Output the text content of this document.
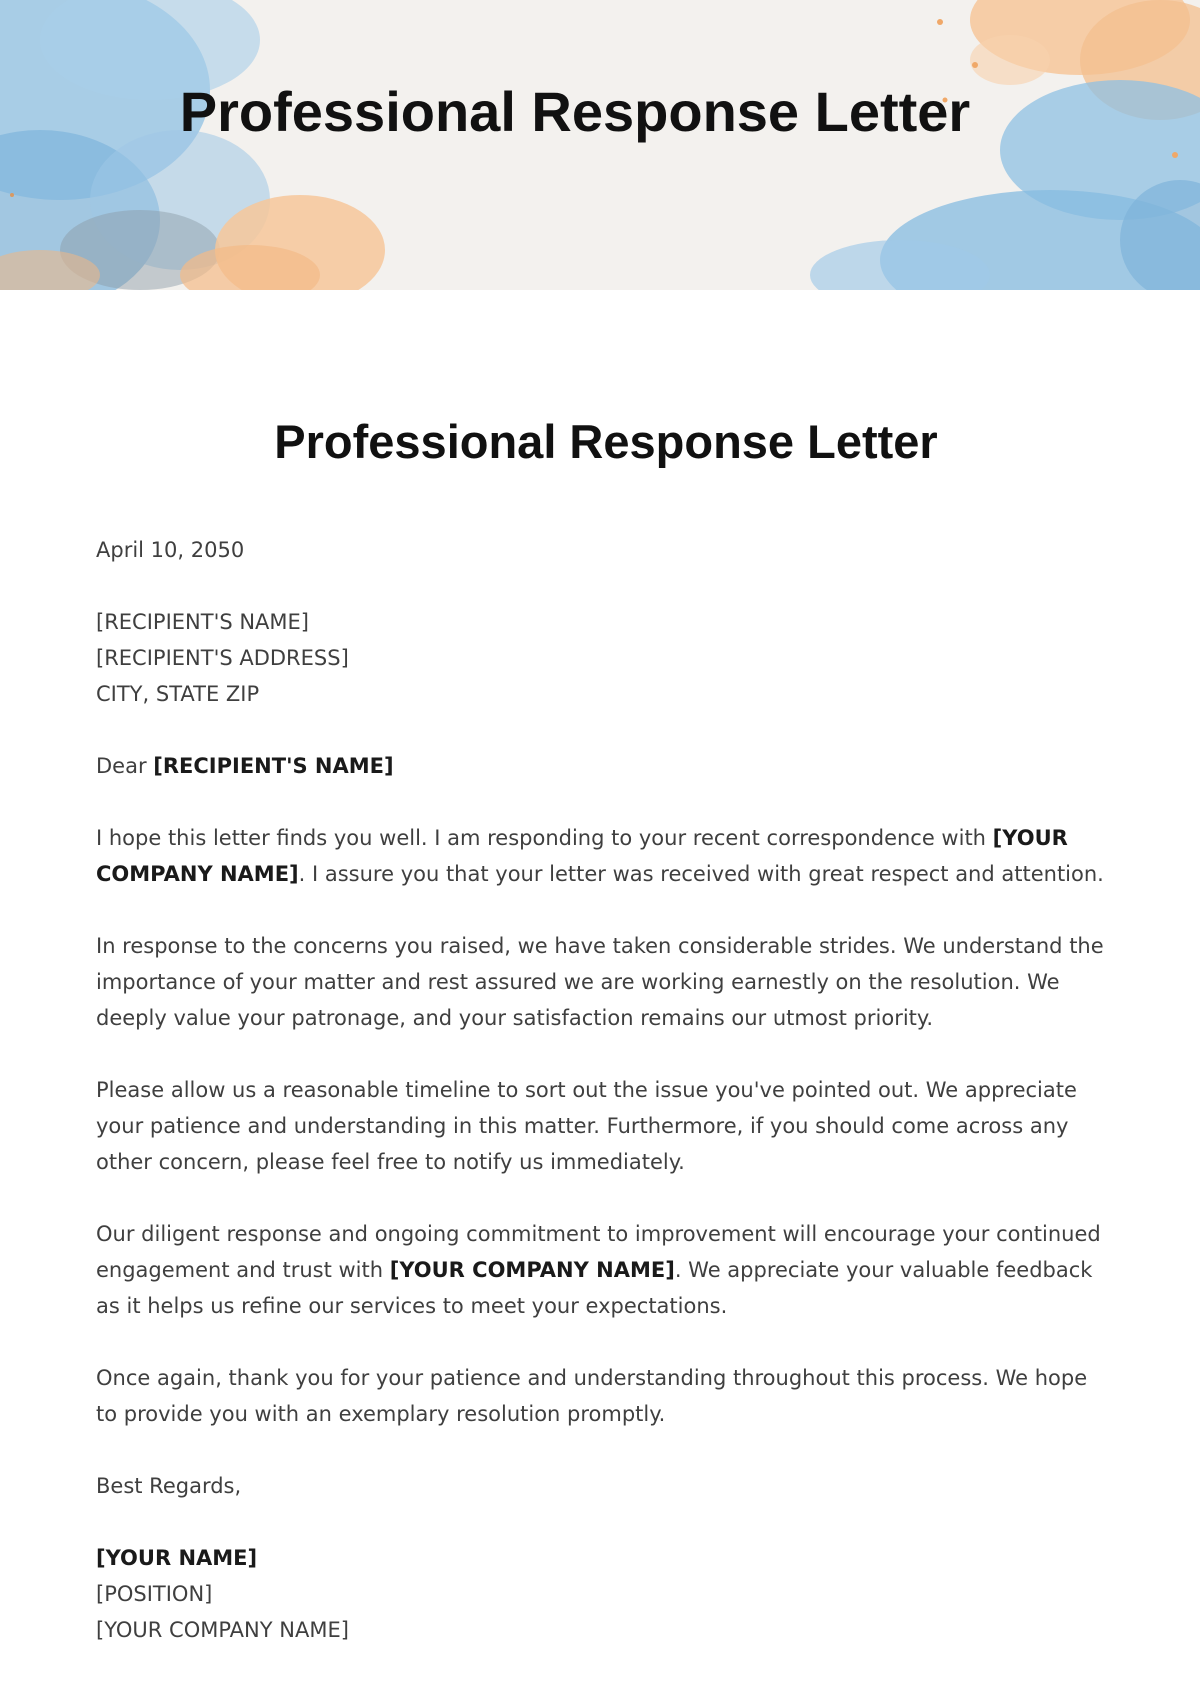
Professional Response Letter
Professional Response Letter

April 10, 2050

[RECIPIENT'S NAME]
[RECIPIENT'S ADDRESS]
CITY, STATE ZIP

Dear [RECIPIENT'S NAME]

I hope this letter finds you well. I am responding to your recent correspondence with [YOUR COMPANY NAME]. I assure you that your letter was received with great respect and attention.

In response to the concerns you raised, we have taken considerable strides. We understand the importance of your matter and rest assured we are working earnestly on the resolution. We deeply value your patronage, and your satisfaction remains our utmost priority.

Please allow us a reasonable timeline to sort out the issue you've pointed out. We appreciate your patience and understanding in this matter. Furthermore, if you should come across any other concern, please feel free to notify us immediately.

Our diligent response and ongoing commitment to improvement will encourage your continued engagement and trust with [YOUR COMPANY NAME]. We appreciate your valuable feedback as it helps us refine our services to meet your expectations.

Once again, thank you for your patience and understanding throughout this process. We hope to provide you with an exemplary resolution promptly.

Best Regards,

[YOUR NAME]
[POSITION]
[YOUR COMPANY NAME]
